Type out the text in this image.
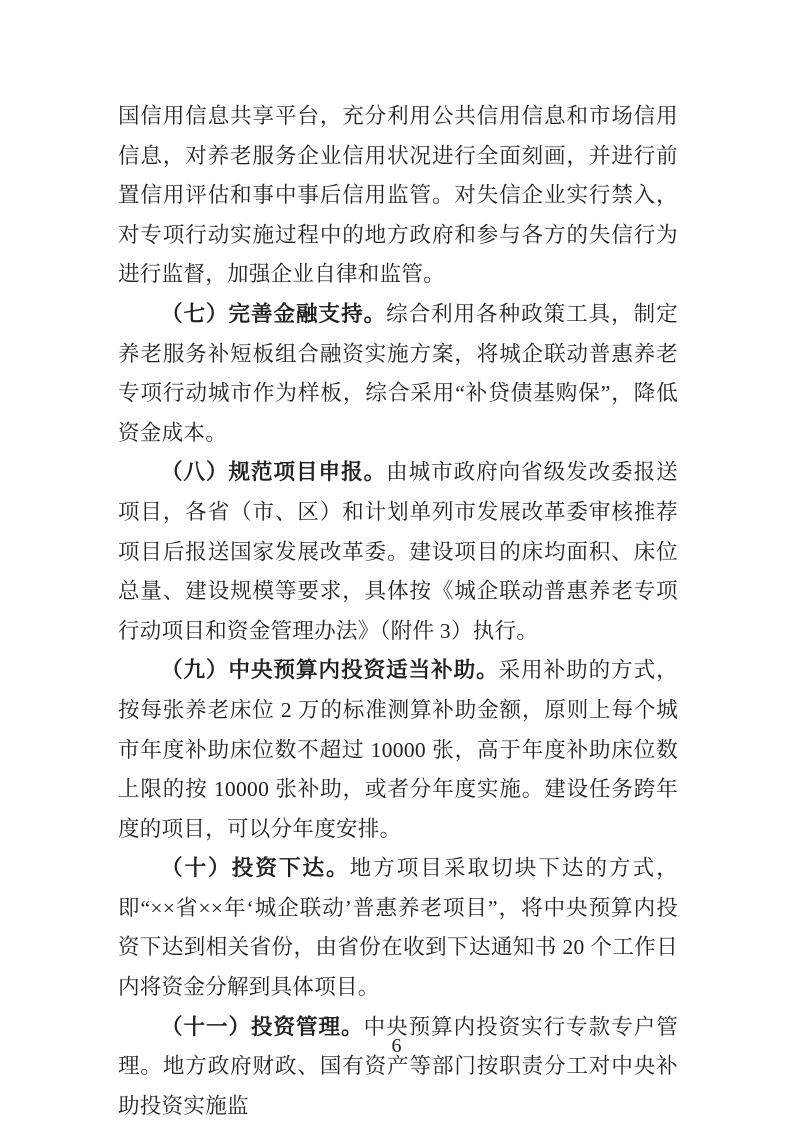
国信用信息共享平台，充分利用公共信用信息和市场信用信息，对养老服务企业信用状况进行全面刻画，并进行前置信用评估和事中事后信用监管。对失信企业实行禁入，对专项行动实施过程中的地方政府和参与各方的失信行为进行监督，加强企业自律和监管。

（七）完善金融支持。综合利用各种政策工具，制定养老服务补短板组合融资实施方案，将城企联动普惠养老专项行动城市作为样板，综合采用“补贷债基购保”，降低资金成本。

（八）规范项目申报。由城市政府向省级发改委报送项目，各省（市、区）和计划单列市发展改革委审核推荐项目后报送国家发展改革委。建设项目的床均面积、床位总量、建设规模等要求，具体按《城企联动普惠养老专项行动项目和资金管理办法》（附件 3）执行。

（九）中央预算内投资适当补助。采用补助的方式，按每张养老床位 2 万的标准测算补助金额，原则上每个城市年度补助床位数不超过 10000 张，高于年度补助床位数上限的按 10000 张补助，或者分年度实施。建设任务跨年度的项目，可以分年度安排。

（十）投资下达。地方项目采取切块下达的方式，即“××省××年‘城企联动’普惠养老项目”，将中央预算内投资下达到相关省份，由省份在收到下达通知书 20 个工作日内将资金分解到具体项目。

（十一）投资管理。中央预算内投资实行专款专户管理。地方政府财政、国有资产等部门按职责分工对中央补助投资实施监

6
